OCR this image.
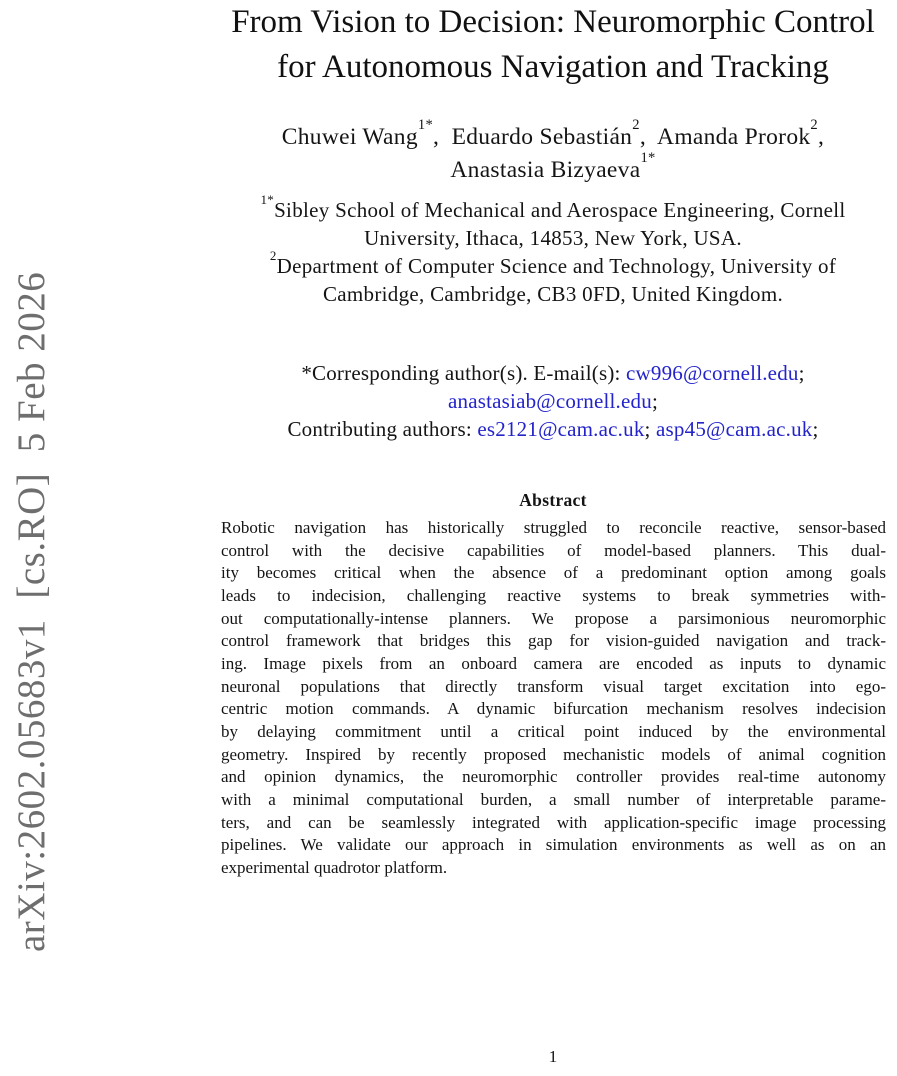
arXiv:2602.05683v1  [cs.RO]  5 Feb 2026
From Vision to Decision: Neuromorphic Control
for Autonomous Navigation and Tracking
Chuwei Wang$^{1*}$,  Eduardo Sebastián$^2$,  Amanda Prorok$^2$,
Anastasia Bizyaeva$^{1*}$
$^{1*}$Sibley School of Mechanical and Aerospace Engineering, Cornell
University, Ithaca, 14853, New York, USA.
$^2$Department of Computer Science and Technology, University of
Cambridge, Cambridge, CB3 0FD, United Kingdom.
*Corresponding author(s). E-mail(s): cw996@cornell.edu;
anastasiab@cornell.edu;
Contributing authors: es2121@cam.ac.uk; asp45@cam.ac.uk;
Abstract
Robotic navigation has historically struggled to reconcile reactive, sensor-based
control with the decisive capabilities of model-based planners. This dual-
ity becomes critical when the absence of a predominant option among goals
leads to indecision, challenging reactive systems to break symmetries with-
out computationally-intense planners. We propose a parsimonious neuromorphic
control framework that bridges this gap for vision-guided navigation and track-
ing. Image pixels from an onboard camera are encoded as inputs to dynamic
neuronal populations that directly transform visual target excitation into ego-
centric motion commands. A dynamic bifurcation mechanism resolves indecision
by delaying commitment until a critical point induced by the environmental
geometry. Inspired by recently proposed mechanistic models of animal cognition
and opinion dynamics, the neuromorphic controller provides real-time autonomy
with a minimal computational burden, a small number of interpretable parame-
ters, and can be seamlessly integrated with application-specific image processing
pipelines. We validate our approach in simulation environments as well as on an
experimental quadrotor platform.
1
